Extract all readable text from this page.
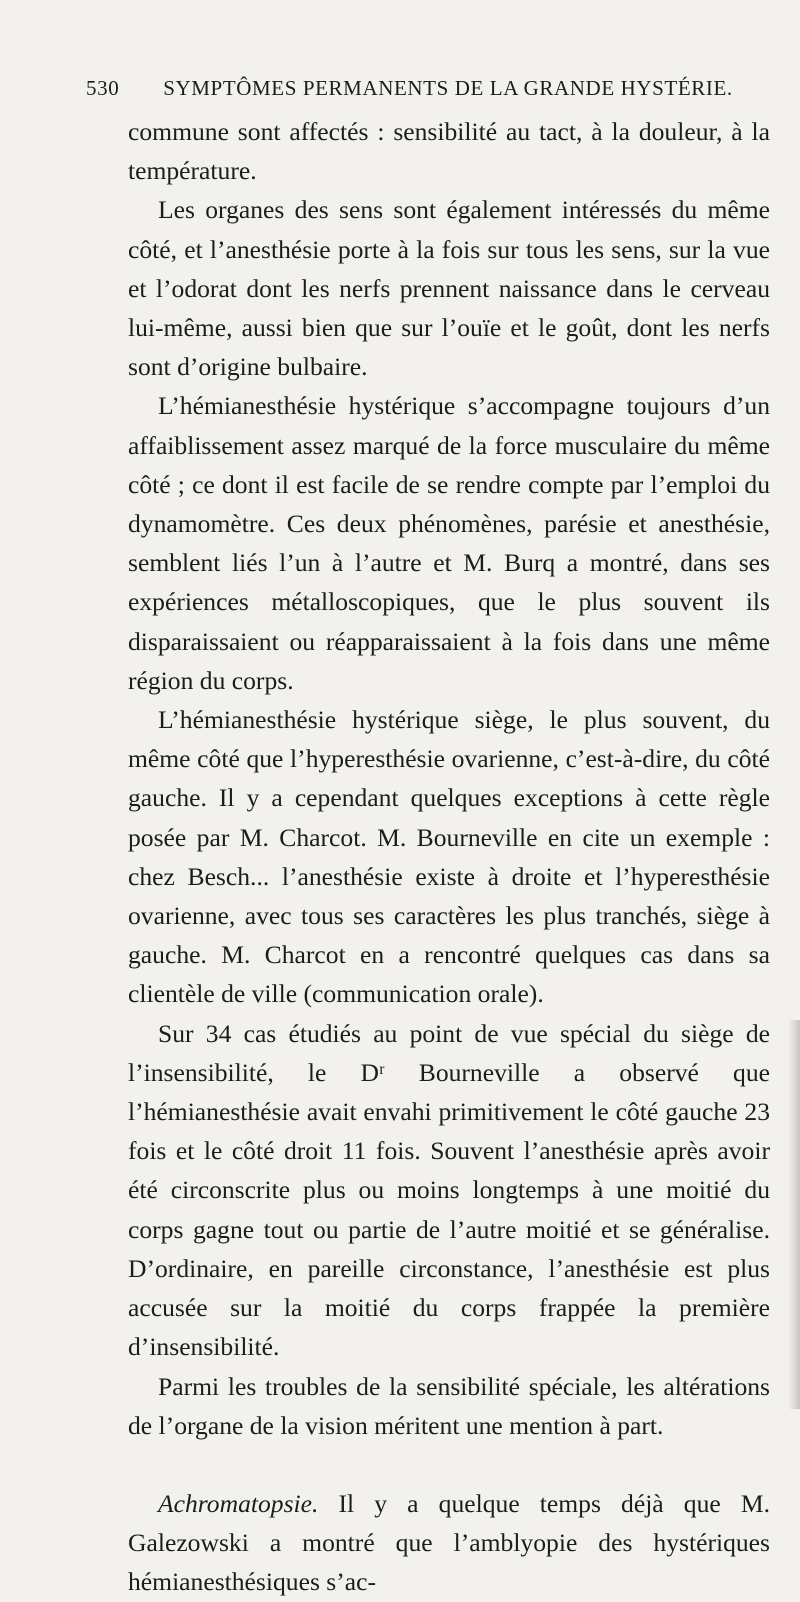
530	SYMPTÔMES PERMANENTS DE LA GRANDE HYSTÉRIE.

commune sont affectés : sensibilité au tact, à la douleur, à la température.

Les organes des sens sont également intéressés du même côté, et l’anesthésie porte à la fois sur tous les sens, sur la vue et l’odorat dont les nerfs prennent naissance dans le cerveau lui-même, aussi bien que sur l’ouïe et le goût, dont les nerfs sont d’origine bulbaire.

L’hémianesthésie hystérique s’accompagne toujours d’un affaiblissement assez marqué de la force musculaire du même côté ; ce dont il est facile de se rendre compte par l’emploi du dynamomètre. Ces deux phénomènes, parésie et anesthésie, semblent liés l’un à l’autre et M. Burq a montré, dans ses expériences métalloscopiques, que le plus souvent ils disparaissaient ou réapparaissaient à la fois dans une même région du corps.

L’hémianesthésie hystérique siège, le plus souvent, du même côté que l’hyperesthésie ovarienne, c’est-à-dire, du côté gauche. Il y a cependant quelques exceptions à cette règle posée par M. Charcot. M. Bourneville en cite un exemple : chez Besch... l’anesthésie existe à droite et l’hyperesthésie ovarienne, avec tous ses caractères les plus tranchés, siège à gauche. M. Charcot en a rencontré quelques cas dans sa clientèle de ville (communication orale).

Sur 34 cas étudiés au point de vue spécial du siège de l’insensibilité, le Dʳ Bourneville a observé que l’hémianesthésie avait envahi primitivement le côté gauche 23 fois et le côté droit 11 fois. Souvent l’anesthésie après avoir été circonscrite plus ou moins longtemps à une moitié du corps gagne tout ou partie de l’autre moitié et se généralise. D’ordinaire, en pareille circonstance, l’anesthésie est plus accusée sur la moitié du corps frappée la première d’insensibilité.

Parmi les troubles de la sensibilité spéciale, les altérations de l’organe de la vision méritent une mention à part.

Achromatopsie. Il y a quelque temps déjà que M. Galezowski a montré que l’amblyopie des hystériques hémianesthésiques s’ac-
